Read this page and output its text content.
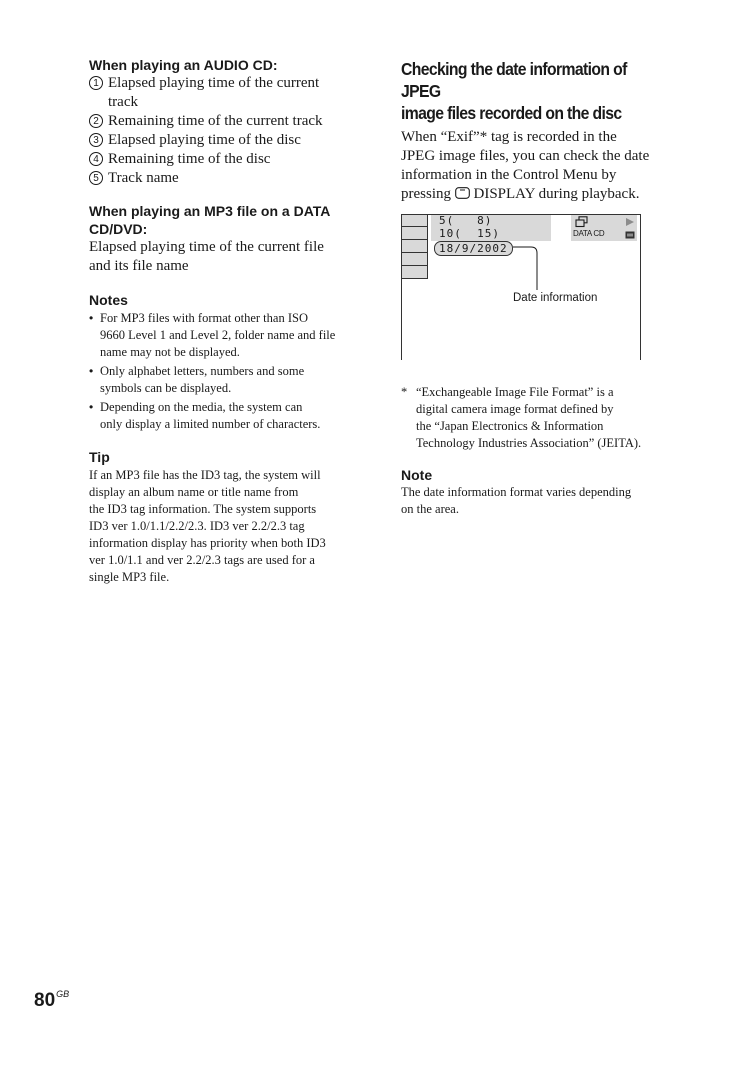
When playing an AUDIO CD:

1 Elapsed playing time of the current
track
2 Remaining time of the current track
3 Elapsed playing time of the disc
4 Remaining time of the disc
5 Track name

When playing an MP3 file on a DATA
CD/DVD:

Elapsed playing time of the current file
and its file name

Notes

• For MP3 files with format other than ISO
9660 Level 1 and Level 2, folder name and file
name may not be displayed.
• Only alphabet letters, numbers and some
symbols can be displayed.
• Depending on the media, the system can
only display a limited number of characters.

Tip

If an MP3 file has the ID3 tag, the system will
display an album name or title name from
the ID3 tag information. The system supports
ID3 ver 1.0/1.1/2.2/2.3. ID3 ver 2.2/2.3 tag
information display has priority when both ID3
ver 1.0/1.1 and ver 2.2/2.3 tags are used for a
single MP3 file.

Checking the date information of JPEG
image files recorded on the disc

When “Exif”* tag is recorded in the
JPEG image files, you can check the date
information in the Control Menu by
pressing DISPLAY during playback.

5(   8)
10(  15)
18/9/2002
DATA CD
Date information

* “Exchangeable Image File Format” is a
digital camera image format defined by
the “Japan Electronics & Information
Technology Industries Association” (JEITA).

Note

The date information format varies depending
on the area.

$80^{GB}$
